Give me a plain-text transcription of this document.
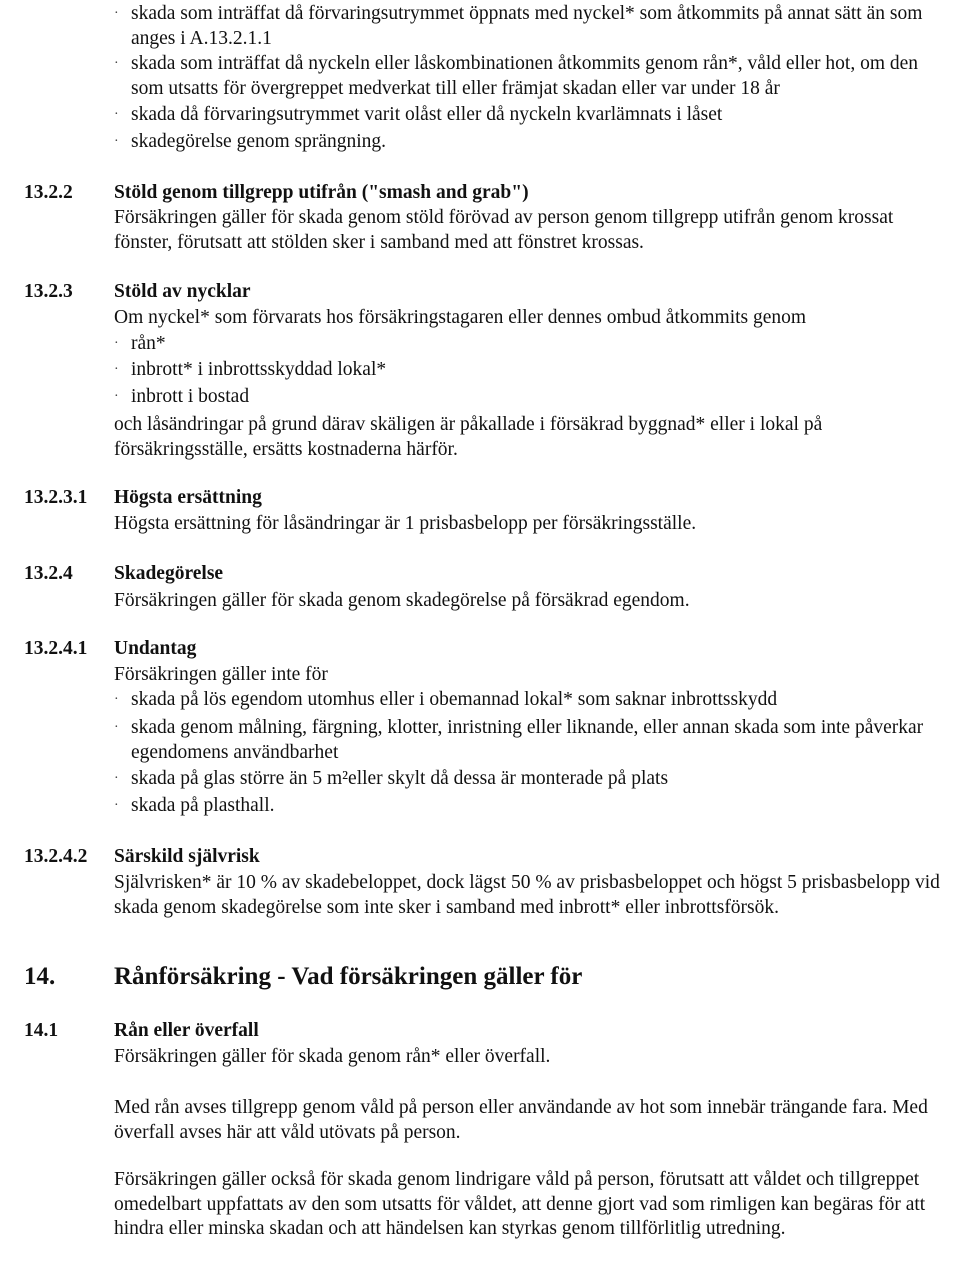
· skada som inträffat då förvaringsutrymmet öppnats med nyckel* som åtkommits på annat sätt än som anges i A.13.2.1.1
· skada som inträffat då nyckeln eller låskombinationen åtkommits genom rån*, våld eller hot, om den som utsatts för övergreppet medverkat till eller främjat skadan eller var under 18 år
· skada då förvaringsutrymmet varit olåst eller då nyckeln kvarlämnats i låset
· skadegörelse genom sprängning.
13.2.2 Stöld genom tillgrepp utifrån ("smash and grab")
Försäkringen gäller för skada genom stöld förövad av person genom tillgrepp utifrån genom krossat fönster, förutsatt att stölden sker i samband med att fönstret krossas.
13.2.3 Stöld av nycklar
Om nyckel* som förvarats hos försäkringstagaren eller dennes ombud åtkommits genom
· rån*
· inbrott* i inbrottsskyddad lokal*
· inbrott i bostad
och låsändringar på grund därav skäligen är påkallade i försäkrad byggnad* eller i lokal på försäkringsställe, ersätts kostnaderna härför.
13.2.3.1 Högsta ersättning
Högsta ersättning för låsändringar är 1 prisbasbelopp per försäkringsställe.
13.2.4 Skadegörelse
Försäkringen gäller för skada genom skadegörelse på försäkrad egendom.
13.2.4.1 Undantag
Försäkringen gäller inte för
· skada på lös egendom utomhus eller i obemannad lokal* som saknar inbrottsskydd
· skada genom målning, färgning, klotter, inristning eller liknande, eller annan skada som inte påverkar egendomens användbarhet
· skada på glas större än 5 m²eller skylt då dessa är monterade på plats
· skada på plasthall.
13.2.4.2 Särskild självrisk
Självrisken* är 10 % av skadebeloppet, dock lägst 50 % av prisbasbeloppet och högst 5 prisbasbelopp vid skada genom skadegörelse som inte sker i samband med inbrott* eller inbrottsförsök.
14. Rånförsäkring - Vad försäkringen gäller för
14.1	Rån eller överfall
Försäkringen gäller för skada genom rån* eller överfall.
Med rån avses tillgrepp genom våld på person eller användande av hot som innebär trängande fara. Med överfall avses här att våld utövats på person.
Försäkringen gäller också för skada genom lindrigare våld på person, förutsatt att våldet och tillgreppet omedelbart uppfattats av den som utsatts för våldet, att denne gjort vad som rimligen kan begäras för att hindra eller minska skadan och att händelsen kan styrkas genom tillförlitlig utredning.
